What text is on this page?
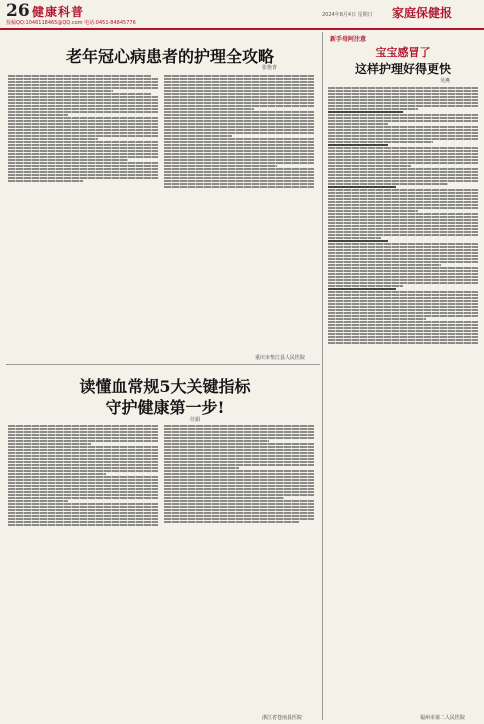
26 健康科普
投稿QQ:1046118465@QQ.com 电话:0451-84845776
2024年8月4日 星期日 家庭保健报
老年冠心病患者的护理全攻略
张艳青
重庆市垫江县人民医院
读懂血常规5大关键指标
守护健康第一步!
任娟
浙江省苍南县医院
新手母阿注意
宝宝感冒了
这样护理好得更快
吴燕
福州市第二人民医院
